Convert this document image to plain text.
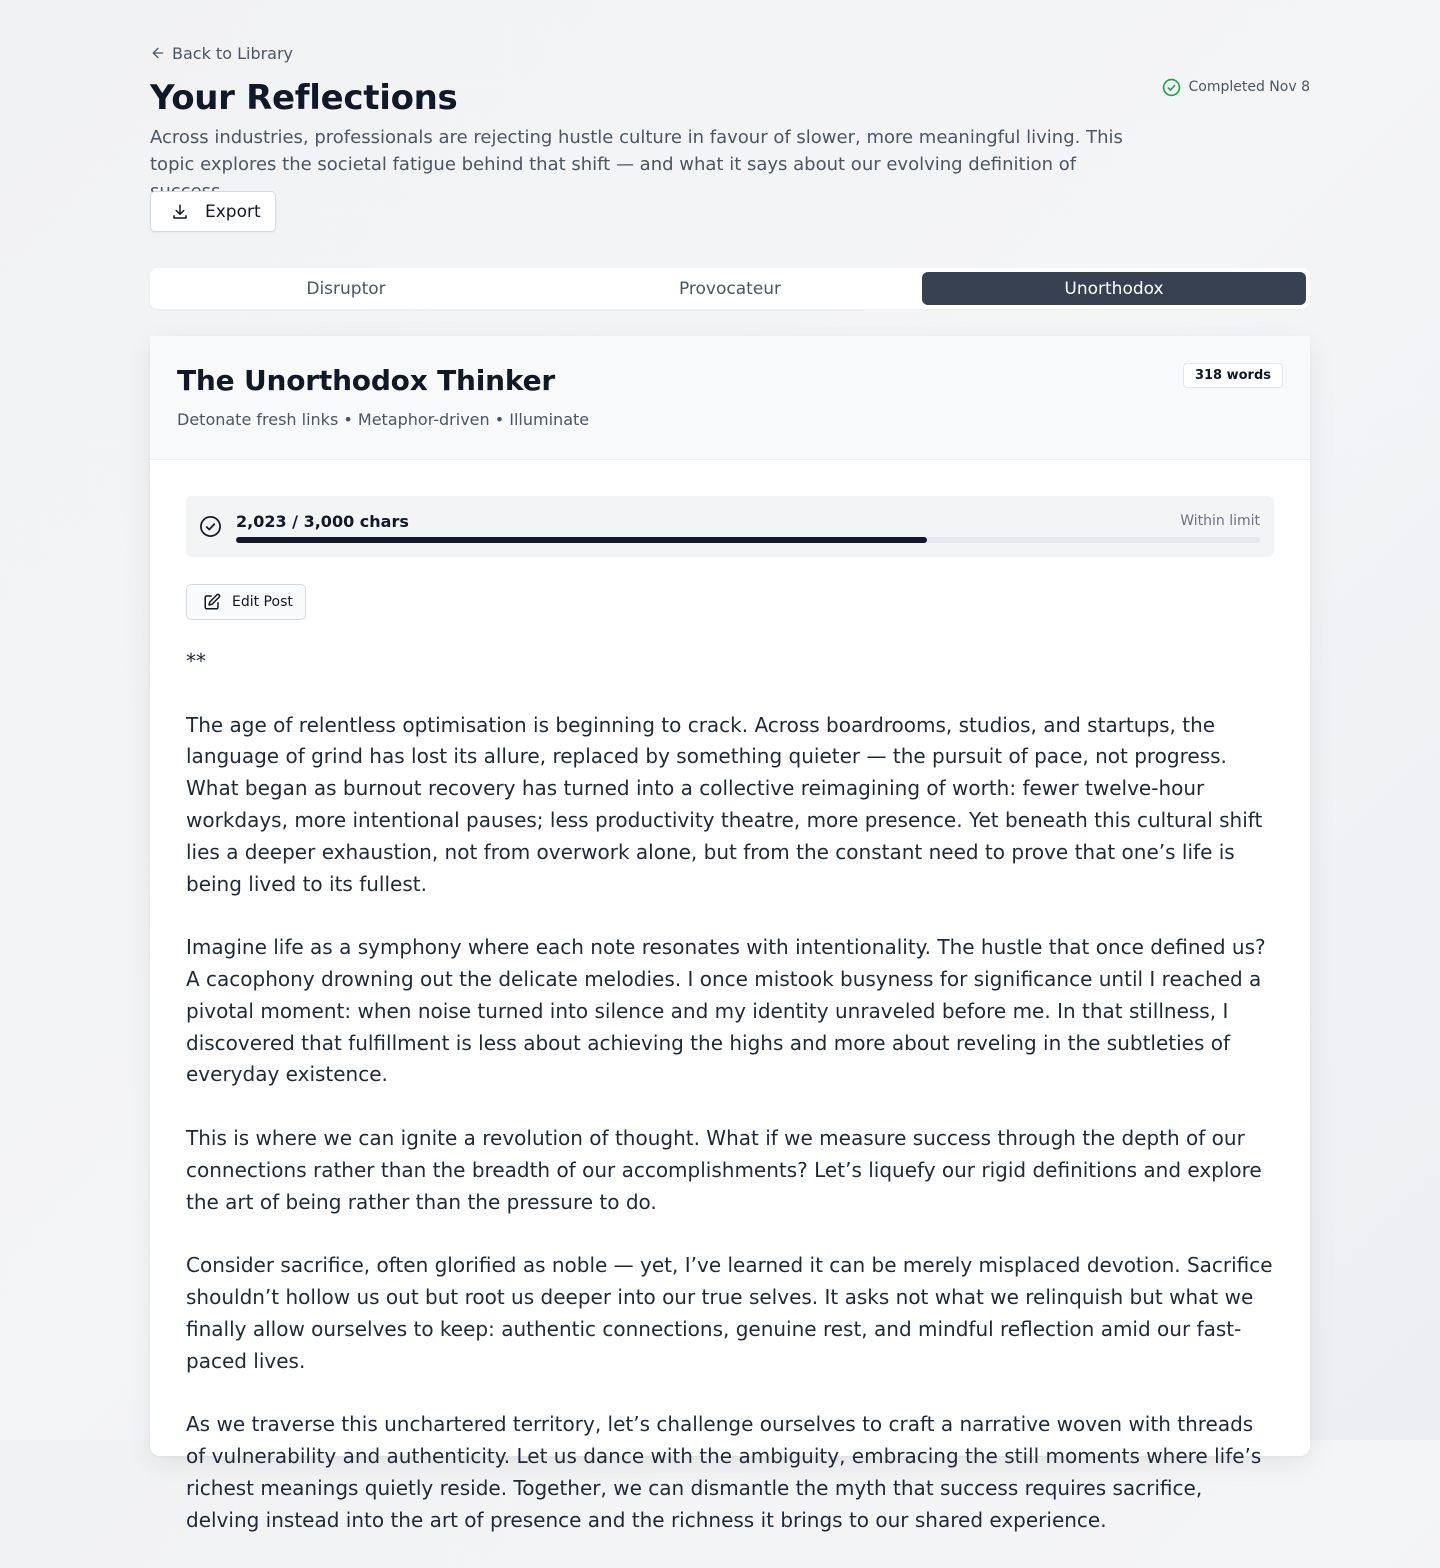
Back to Library
Your Reflections	Completed Nov 8

Across industries, professionals are rejecting hustle culture in favour of slower, more meaningful living. This topic explores the societal fatigue behind that shift — and what it says about our evolving definition of

Export
Disruptor	Provocateur	Unorthodox
The Unorthodox Thinker
Detonate fresh links • Metaphor-driven • Illuminate
318 words
2,023 / 3,000 chars	Within limit
Edit Post

**

The age of relentless optimisation is beginning to crack. Across boardrooms, studios, and startups, the language of grind has lost its allure, replaced by something quieter — the pursuit of pace, not progress. What began as burnout recovery has turned into a collective reimagining of worth: fewer twelve-hour workdays, more intentional pauses; less productivity theatre, more presence. Yet beneath this cultural shift lies a deeper exhaustion, not from overwork alone, but from the constant need to prove that one’s life is being lived to its fullest.

Imagine life as a symphony where each note resonates with intentionality. The hustle that once defined us? A cacophony drowning out the delicate melodies. I once mistook busyness for significance until I reached a pivotal moment: when noise turned into silence and my identity unraveled before me. In that stillness, I discovered that fulfillment is less about achieving the highs and more about reveling in the subtleties of everyday existence.

This is where we can ignite a revolution of thought. What if we measure success through the depth of our connections rather than the breadth of our accomplishments? Let’s liquefy our rigid definitions and explore the art of being rather than the pressure to do.

Consider sacrifice, often glorified as noble — yet, I’ve learned it can be merely misplaced devotion. Sacrifice shouldn’t hollow us out but root us deeper into our true selves. It asks not what we relinquish but what we finally allow ourselves to keep: authentic connections, genuine rest, and mindful reflection amid our fast-paced lives.

As we traverse this unchartered territory, let’s challenge ourselves to craft a narrative woven with threads of vulnerability and authenticity. Let us dance with the ambiguity, embracing the still moments where life’s richest meanings quietly reside. Together, we can dismantle the myth that success requires sacrifice, delving instead into the art of presence and the richness it brings to our shared experience.
